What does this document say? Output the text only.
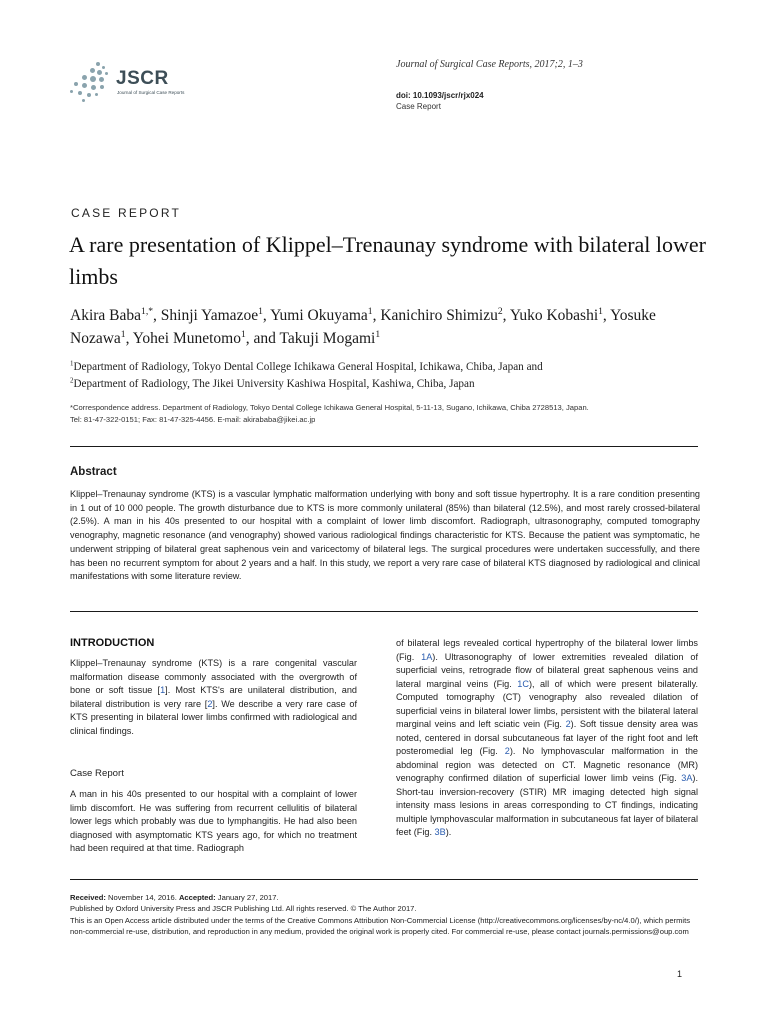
JSCR
Journal of Surgical Case Reports
Journal of Surgical Case Reports, 2017;2, 1–3
doi: 10.1093/jscr/rjx024
Case Report
CASE REPORT
A rare presentation of Klippel–Trenaunay syndrome with bilateral lower limbs
Akira Baba$^{1,*}$, Shinji Yamazoe$^1$, Yumi Okuyama$^1$, Kanichiro Shimizu$^2$, Yuko Kobashi$^1$, Yosuke Nozawa$^1$, Yohei Munetomo$^1$, and Takuji Mogami$^1$
$^1$Department of Radiology, Tokyo Dental College Ichikawa General Hospital, Ichikawa, Chiba, Japan and
$^2$Department of Radiology, The Jikei University Kashiwa Hospital, Kashiwa, Chiba, Japan
*Correspondence address. Department of Radiology, Tokyo Dental College Ichikawa General Hospital, 5-11-13, Sugano, Ichikawa, Chiba 2728513, Japan.
Tel: 81-47-322-0151; Fax: 81-47-325-4456. E-mail: akirababa@jikei.ac.jp
Abstract
Klippel–Trenaunay syndrome (KTS) is a vascular lymphatic malformation underlying with bony and soft tissue hypertrophy. It is a rare condition presenting in 1 out of 10 000 people. The growth disturbance due to KTS is more commonly unilateral (85%) than bilateral (12.5%), and most rarely crossed-bilateral (2.5%). A man in his 40s presented to our hospital with a complaint of lower limb discomfort. Radiograph, ultrasonography, computed tomography venography, magnetic resonance (and venography) showed various radiological findings characteristic for KTS. Because the patient was symptomatic, he underwent stripping of bilateral great saphenous vein and varicectomy of bilateral legs. The surgical procedures were undertaken successfully, and there has been no recurrent symptom for about 2 years and a half. In this study, we report a very rare case of bilateral KTS diagnosed by radiological and clinical manifestations with some literature review.
INTRODUCTION
Klippel–Trenaunay syndrome (KTS) is a rare congenital vascular malformation disease commonly associated with the overgrowth of bone or soft tissue [1]. Most KTS's are unilateral distribution, and bilateral distribution is very rare [2]. We describe a very rare case of KTS presenting in bilateral lower limbs confirmed with radiological and clinical findings.
Case Report
A man in his 40s presented to our hospital with a complaint of lower limb discomfort. He was suffering from recurrent cellulitis of bilateral lower legs which probably was due to lymphangitis. He had also been diagnosed with asymptomatic KTS years ago, for which no treatment had been required at that time. Radiograph
of bilateral legs revealed cortical hypertrophy of the bilateral lower limbs (Fig. 1A). Ultrasonography of lower extremities revealed dilation of superficial veins, retrograde flow of bilateral great saphenous veins and lateral marginal veins (Fig. 1C), all of which were present bilaterally. Computed tomography (CT) venography also revealed dilation of superficial veins in bilateral lower limbs, persistent with the bilateral lateral marginal veins and left sciatic vein (Fig. 2). Soft tissue density area was noted, centered in dorsal subcutaneous fat layer of the right foot and left posteromedial leg (Fig. 2). No lymphovascular malformation in the abdominal region was detected on CT. Magnetic resonance (MR) venography confirmed dilation of superficial lower limb veins (Fig. 3A). Short-tau inversion-recovery (STIR) MR imaging detected high signal intensity mass lesions in areas corresponding to CT findings, indicating multiple lymphovascular malformation in subcutaneous fat layer of bilateral feet (Fig. 3B).
Received: November 14, 2016. Accepted: January 27, 2017.
Published by Oxford University Press and JSCR Publishing Ltd. All rights reserved. © The Author 2017.
This is an Open Access article distributed under the terms of the Creative Commons Attribution Non-Commercial License (http://creativecommons.org/licenses/by-nc/4.0/), which permits non-commercial re-use, distribution, and reproduction in any medium, provided the original work is properly cited. For commercial re-use, please contact journals.permissions@oup.com
1
